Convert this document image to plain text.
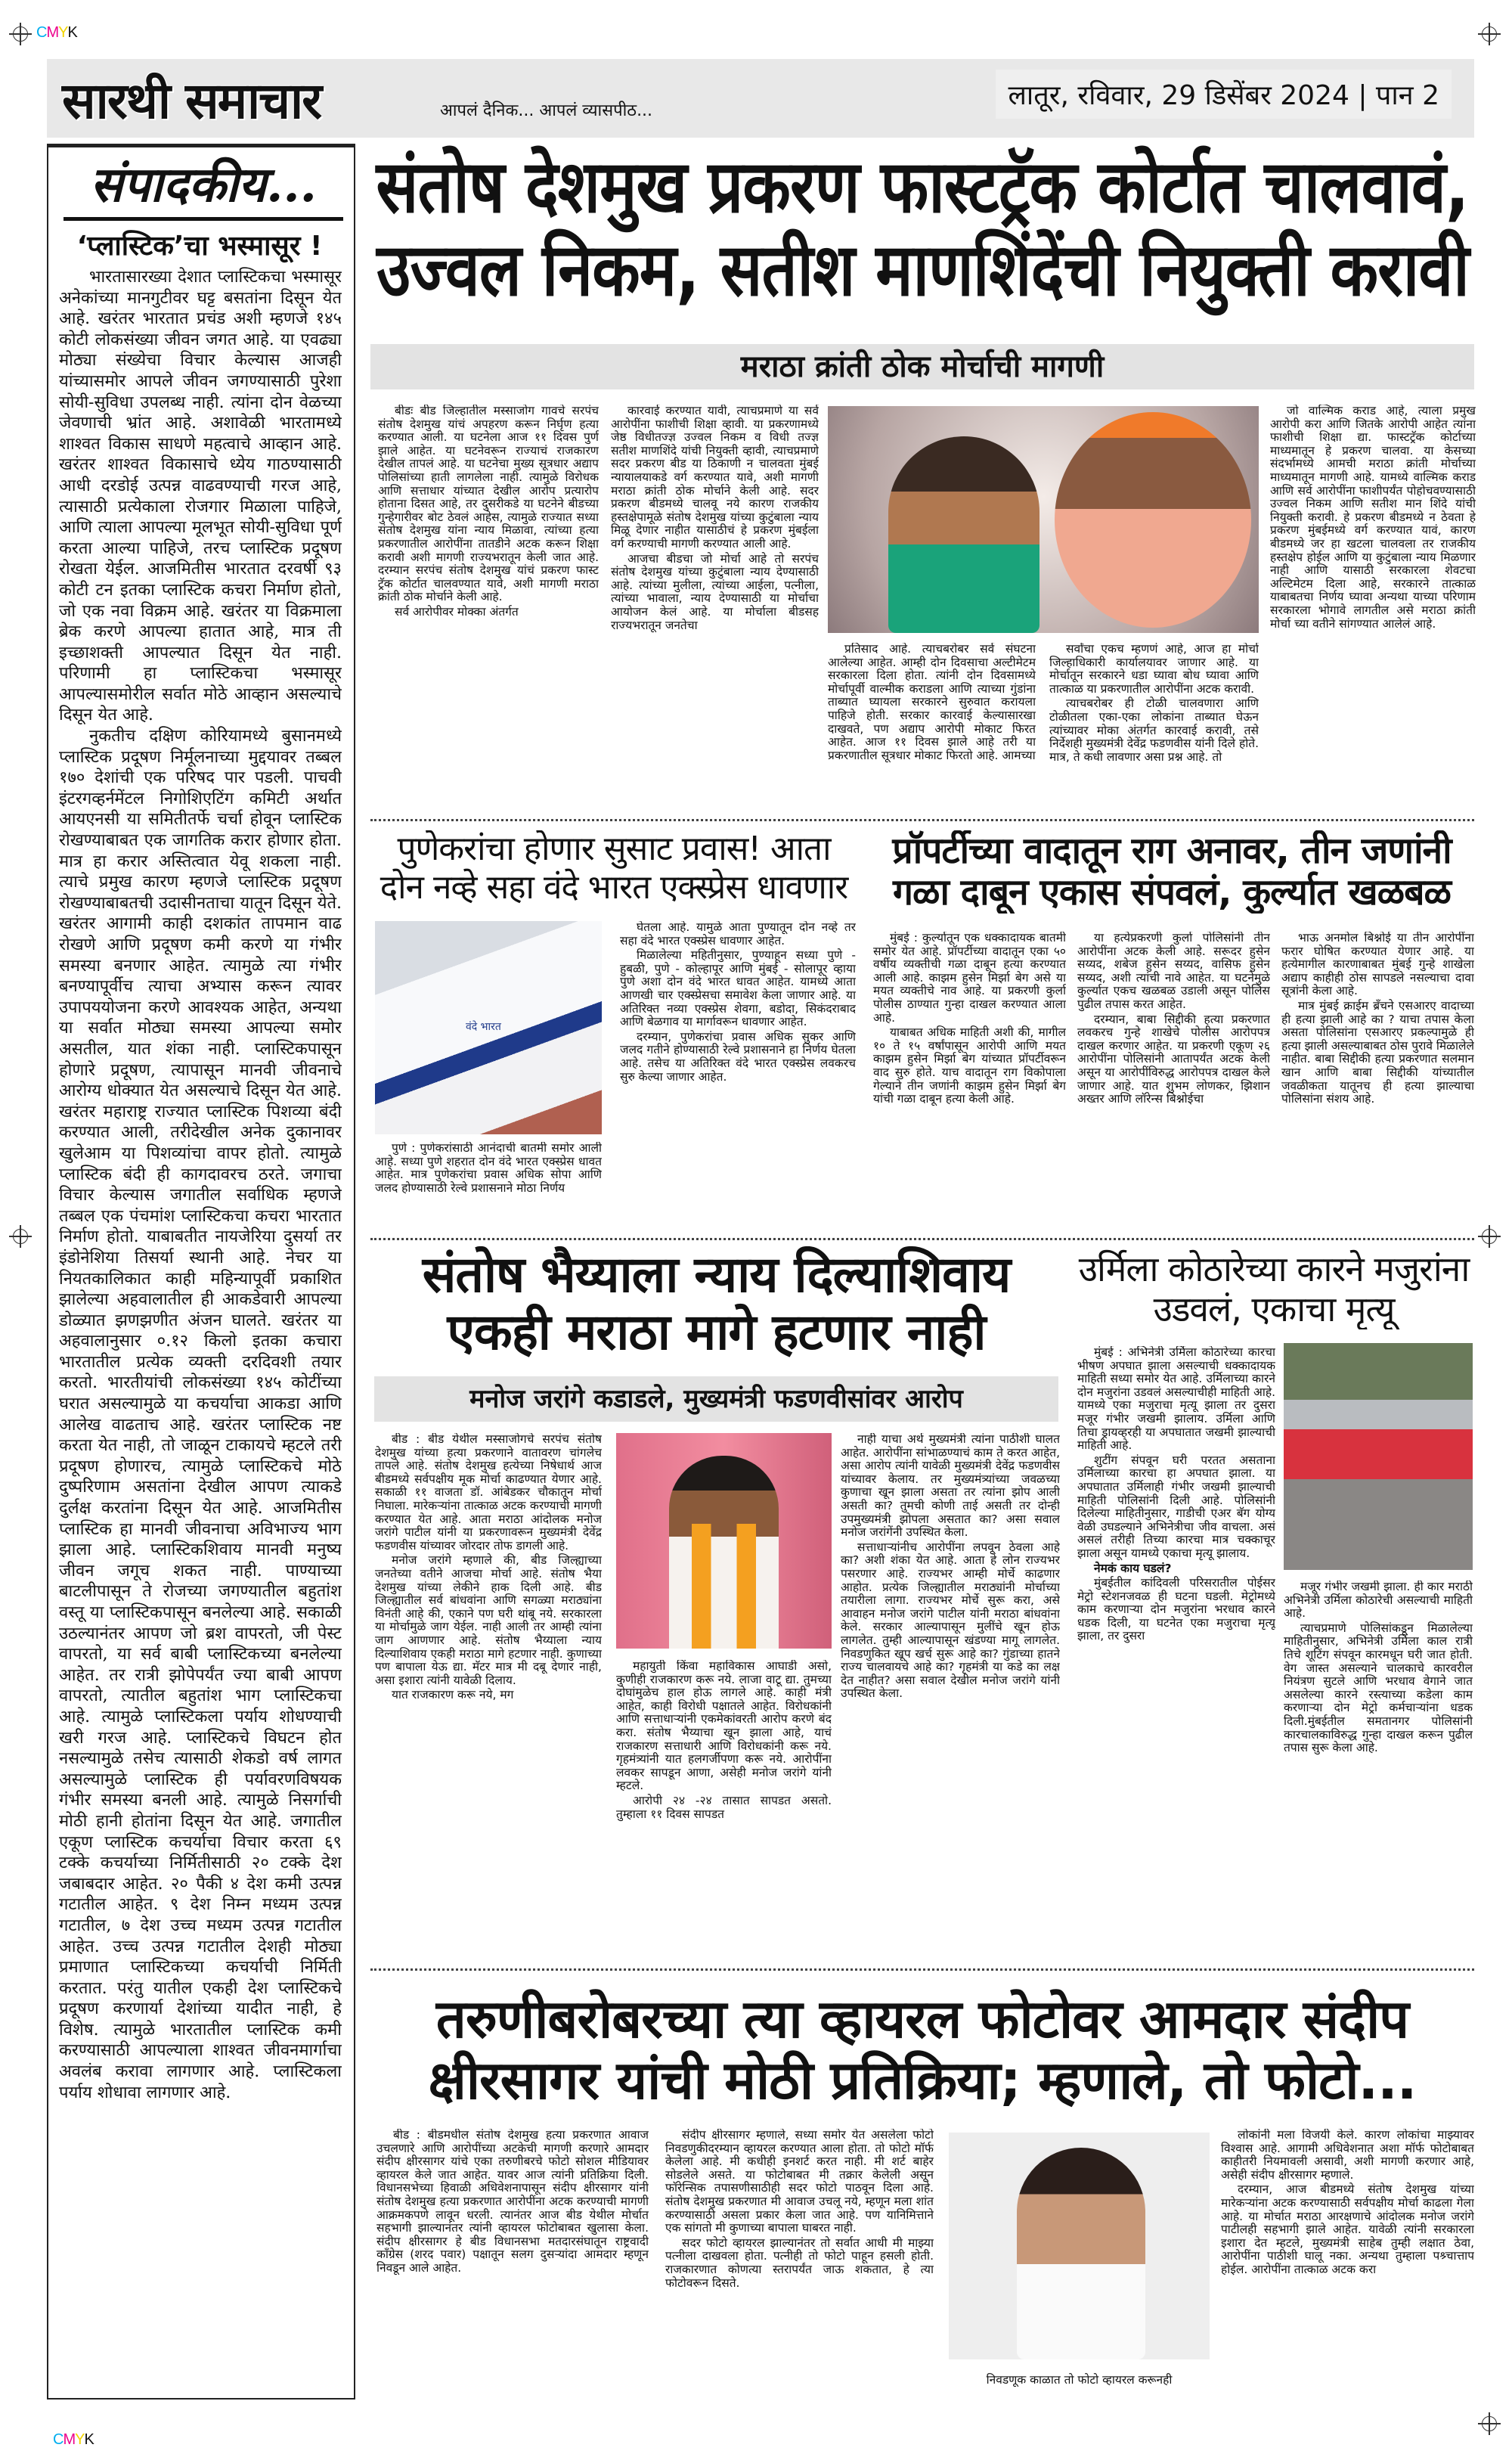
CMYK
CMYK
सारथी समाचार	आपलं दैनिक... आपलं व्यासपीठ...	लातूर, रविवार, 29 डिसेंबर 2024 | पान 2
संपादकीय...
‘प्लास्टिक’चा भस्मासूर !

भारतासारख्या देशात प्लास्टिकचा भस्मासूर अनेकांच्या मानगुटीवर घट्ट बसतांना दिसून येत आहे. खरंतर भारतात प्रचंड अशी म्हणजे १४५ कोटी लोकसंख्या जीवन जगत आहे. या एवढ्या मोठ्या संख्येचा विचार केल्यास आजही यांच्यासमोर आपले जीवन जगण्यासाठी पुरेशा सोयी-सुविधा उपलब्ध नाही. त्यांना दोन वेळच्या जेवणाची भ्रांत आहे. अशावेळी भारतामध्ये शाश्वत विकास साधणे महत्वाचे आव्हान आहे. खरंतर शाश्वत विकासाचे ध्येय गाठण्यासाठी आधी दरडोई उत्पन्न वाढवण्याची गरज आहे, त्यासाठी प्रत्येकाला रोजगार मिळाला पाहिजे, आणि त्याला आपल्या मूलभूत सोयी-सुविधा पूर्ण करता आल्या पाहिजे, तरच प्लास्टिक प्रदूषण रोखता येईल. आजमितीस भारतात दरवर्षी ९३ कोटी टन इतका प्लास्टिक कचरा निर्माण होतो, जो एक नवा विक्रम आहे. खरंतर या विक्रमाला ब्रेक करणे आपल्या हातात आहे, मात्र ती इच्छाशक्ती आपल्यात दिसून येत नाही. परिणामी हा प्लास्टिकचा भस्मासूर आपल्यासमोरील सर्वात मोठे आव्हान असल्याचे दिसून येत आहे.

नुकतीच दक्षिण कोरियामध्ये बुसानमध्ये प्लास्टिक प्रदूषण निर्मूलनाच्या मुद्दयावर तब्बल १७० देशांची एक परिषद पार पडली. पाचवी इंटरगव्हर्नमेंटल निगोशिएटिंग कमिटी अर्थात आयएनसी या समितीतर्फे चर्चा होवून प्लास्टिक रोखण्याबाबत एक जागतिक करार होणार होता. मात्र हा करार अस्तित्वात येवू शकला नाही. त्याचे प्रमुख कारण म्हणजे प्लास्टिक प्रदूषण रोखण्याबाबतची उदासीनताचा यातून दिसून येते. खरंतर आगामी काही दशकांत तापमान वाढ रोखणे आणि प्रदूषण कमी करणे या गंभीर समस्या बनणार आहेत. त्यामुळे त्या गंभीर बनण्यापूर्वीच त्याचा अभ्यास करून त्यावर उपापययोजना करणे आवश्यक आहेत, अन्यथा या सर्वात मोठ्या समस्या आपल्या समोर असतील, यात शंका नाही. प्लास्टिकपासून होणारे प्रदूषण, त्यापासून मानवी जीवनाचे आरोग्य धोक्यात येत असल्याचे दिसून येत आहे. खरंतर महाराष्ट्र राज्यात प्लास्टिक पिशव्या बंदी करण्यात आली, तरीदेखील अनेक दुकानावर खुलेआम या पिशव्यांचा वापर होतो. त्यामुळे प्लास्टिक बंदी ही कागदावरच ठरते. जगाचा विचार केल्यास जगातील सर्वाधिक म्हणजे तब्बल एक पंचमांश प्लास्टिकचा कचरा भारतात निर्माण होतो. याबाबतीत नायजेरिया दुसर्या तर इंडोनेशिया तिसर्या स्थानी आहे. नेचर या नियतकालिकात काही महिन्यापूर्वी प्रकाशित झालेल्या अहवालातील ही आकडेवारी आपल्या डोळ्यात झणझणीत अंजन घालते. खरंतर या अहवालानुसार ०.१२ किलो इतका कचारा भारतातील प्रत्येक व्यक्ती दरदिवशी तयार करतो. भारतीयांची लोकसंख्या १४५ कोटींच्या घरात असल्यामुळे या कचर्याचा आकडा आणि आलेख वाढताच आहे. खरंतर प्लास्टिक नष्ट करता येत नाही, तो जाळून टाकायचे म्हटले तरी प्रदूषण होणारच, त्यामुळे प्लास्टिकचे मोठे दुष्परिणाम असतांना देखील आपण त्याकडे दुर्लक्ष करतांना दिसून येत आहे. आजमितीस प्लास्टिक हा मानवी जीवनाचा अविभाज्य भाग झाला आहे. प्लास्टिकशिवाय मानवी मनुष्य जीवन जगूच शकत नाही. पाण्याच्या बाटलीपासून ते रोजच्या जगण्यातील बहुतांश वस्तू या प्लास्टिकपासून बनलेल्या आहे. सकाळी उठल्यानंतर आपण जो ब्रश वापरतो, जी पेस्ट वापरतो, या सर्व बाबी प्लास्टिकच्या बनलेल्या आहेत. तर रात्री झोपेपर्यंत ज्या बाबी आपण वापरतो, त्यातील बहुतांश भाग प्लास्टिकचा आहे. त्यामुळे प्लास्टिकला पर्याय शोधण्याची खरी गरज आहे. प्लास्टिकचे विघटन होत नसल्यामुळे तसेच त्यासाठी शेकडो वर्ष लागत असल्यामुळे प्लास्टिक ही पर्यावरणविषयक गंभीर समस्या बनली आहे. त्यामुळे निसर्गाची मोठी हानी होतांना दिसून येत आहे. जगातील एकूण प्लास्टिक कचर्याचा विचार करता ६९ टक्के कचर्याच्या निर्मितीसाठी २० टक्के देश जबाबदार आहेत. २० पैकी ४ देश कमी उत्पन्न गटातील आहेत. ९ देश निम्न मध्यम उत्पन्न गटातील, ७ देश उच्च मध्यम उत्पन्न गटातील आहेत. उच्च उत्पन्न गटातील देशही मोठ्या प्रमाणात प्लास्टिकच्या कचर्याची निर्मिती करतात. परंतु यातील एकही देश प्लास्टिकचे प्रदूषण करणार्या देशांच्या यादीत नाही, हे विशेष. त्यामुळे भारतातील प्लास्टिक कमी करण्यासाठी आपल्याला शाश्वत जीवनमार्गाचा अवलंब करावा लागणार आहे. प्लास्टिकला पर्याय शोधावा लागणार आहे.

संतोष देशमुख प्रकरण फास्टट्रॅक कोर्टात चालवावं,
उज्वल निकम, सतीश माणशिंदेंची नियुक्ती करावी
मराठा क्रांती ठोक मोर्चाची मागणी

बीडः बीड जिल्हातील मस्साजोग गावचे सरपंच संतोष देशमुख यांचं अपहरण करून निर्घृण हत्या करण्यात आली. या घटनेला आज ११ दिवस पुर्ण झाले आहेत. या घटनेवरून राज्याचं राजकारण देखील तापलं आहे. या घटनेचा मुख्य सूत्रधार अद्याप पोलिसांच्या हाती लागलेला नाही. त्यामुळे विरोधक आणि सत्ताधार यांच्यात देखील आरोप प्रत्यारोप होताना दिसत आहे, तर दुसरीकडे या घटनेने बीडच्या गुन्हेगारीवर बोट ठेवलं आहेस, त्यामुळे राज्यात सध्या संतोष देशमुख यांना न्याय मिळावा, त्यांच्या हत्या प्रकरणातील आरोपींना तातडीने अटक करून शिक्षा करावी अशी मागणी राज्यभरातून केली जात आहे. दरम्यान सरपंच संतोष देशमुख यांचं प्रकरण फास्ट ट्रॅक कोर्टात चालवण्यात यावे, अशी मागणी मराठा क्रांती ठोक मोर्चाने केली आहे.

सर्व आरोपीवर मोक्का अंतर्गत

कारवाई करण्यात यावी, त्याचप्रमाणे या सर्व आरोपींना फाशीची शिक्षा व्हावी. या प्रकरणामध्ये जेष्ठ विधीतज्ज्ञ उज्वल निकम व विधी तज्ज्ञ सतीश माणशिंदे यांची नियुक्ती व्हावी, त्याचप्रमाणे सदर प्रकरण बीड या ठिकाणी न चालवता मुंबई न्यायालयाकडे वर्ग करण्यात यावे, अशी मागणी मराठा क्रांती ठोक मोर्चाने केली आहे. सदर प्रकरण बीडमध्ये चालवू नये कारण राजकीय हस्तक्षेपामूळे संतोष देशमुख यांच्या कुटुंबाला न्याय मिळू देणार नाहीत यासाठीचं हे प्रकरण मुंबईला वर्ग करण्याची मागणी करण्यात आली आहे.

आजचा बीडचा जो मोर्चा आहे तो सरपंच संतोष देशमुख यांच्या कुटुंबाला न्याय देण्यासाठी आहे. त्यांच्या मुलीला, त्यांच्या आईला, पत्नीला, त्यांच्या भावाला, न्याय देण्यासाठी या मोर्चाचा आयोजन केलं आहे. या मोर्चाला बीडसह राज्यभरातून जनतेचा

प्रतिसाद आहे. त्याचबरोबर सर्व संघटना आलेल्या आहेत. आम्ही दोन दिवसाचा अल्टीमेटम सरकारला दिला होता. त्यांनी दोन दिवसामध्ये मोर्चापूर्वी वाल्मीक कराडला आणि त्याच्या गुंडांना ताब्यात घ्यायला सरकारने सुरुवात करायला पाहिजे होती. सरकार कारवाई केल्यासारखा दाखवते, पण अद्याप आरोपी मोकाट फिरत आहेत. आज ११ दिवस झाले आहे तरी या प्रकरणातील सूत्रधार मोकाट फिरतो आहे. आमच्या

सर्वांचा एकच म्हणणं आहे, आज हा मोर्चा जिल्हाधिकारी कार्यालयावर जाणार आहे. या मोर्चातून सरकारने धडा घ्यावा बोध घ्यावा आणि तात्काळ या प्रकरणातील आरोपींना अटक करावी.

त्याचबरोबर ही टोळी चालवणारा आणि टोळीतला एका-एका लोकांना ताब्यात घेऊन त्यांच्यावर मोका अंतर्गत कारवाई करावी, तसे निर्देशही मुख्यमंत्री देवेंद्र फडणवीस यांनी दिले होते. मात्र, ते कधी लावणार असा प्रश्न आहे. तो

जो वाल्मिक कराड आहे, त्याला प्रमुख आरोपी करा आणि जितके आरोपी आहेत त्यांना फाशीची शिक्षा द्या. फास्टट्रॅक कोर्टाच्या माध्यमातून हे प्रकरण चालवा. या केसच्या संदर्भामध्ये आमची मराठा क्रांती मोर्चाच्या माध्यमातून मागणी आहे. यामध्ये वाल्मिक कराड आणि सर्व आरोपींना फाशीपर्यंत पोहोचवण्यासाठी उज्वल निकम आणि सतीश मान शिंदे यांची नियुक्ती करावी. हे प्रकरण बीडमध्ये न ठेवता हे प्रकरण मुंबईमध्ये वर्ग करण्यात यावं, कारण बीडमध्ये जर हा खटला चालवला तर राजकीय हस्तक्षेप होईल आणि या कुटुंबाला न्याय मिळणार नाही आणि यासाठी सरकारला शेवटचा अल्टिमेटम दिला आहे, सरकारने तात्काळ याबाबतचा निर्णय घ्यावा अन्यथा याच्या परिणाम सरकारला भोगावे लागतील असे मराठा क्रांती मोर्चा च्या वतीने सांगण्यात आलेलं आहे.

पुणेकरांचा होणार सुसाट प्रवास! आता दोन नव्हे सहा वंदे भारत एक्स्प्रेस धावणार
वंदे भारत

पुणे : पुणेकरांसाठी आनंदाची बातमी समोर आली आहे. सध्या पुणे शहरात दोन वंदे भारत एक्स्प्रेस धावत आहेत. मात्र पुणेकरांचा प्रवास अधिक सोपा आणि जलद होण्यासाठी रेल्वे प्रशासनाने मोठा निर्णय

घेतला आहे. यामुळे आता पुण्यातून दोन नव्हे तर सहा वंदे भारत एक्स्प्रेस धावणार आहेत.

मिळालेल्या महितीनुसार, पुण्याहून सध्या पुणे - हुबळी, पुणे - कोल्हापूर आणि मुंबई - सोलापूर व्हाया पुणे अशा दोन वंदे भारत धावत आहेत. यामध्ये आता आणखी चार एक्स्प्रेसचा समावेश केला जाणार आहे. या अतिरिक्त नव्या एक्स्प्रेस शेवगा, बडोदा, सिकंदराबाद आणि बेळगाव या मार्गावरून धावणार आहेत.

दरम्यान, पुणेकरांचा प्रवास अधिक सुकर आणि जलद गतीने होण्यासाठी रेल्वे प्रशासनाने हा निर्णय घेतला आहे. तसेच या अतिरिक्त वंदे भारत एक्स्प्रेस लवकरच सुरु केल्या जाणार आहेत.

प्रॉपर्टीच्या वादातून राग अनावर, तीन जणांनी गळा दाबून एकास संपवलं, कुर्ल्यात खळबळ

मुंबई : कुर्ल्यातून एक धक्कादायक बातमी समोर येत आहे. प्रॉपर्टीच्या वादातून एका ५० वर्षीय व्यक्तीची गळा दाबून हत्या करण्यात आली आहे. काझम हुसेन मिर्झा बेग असे या मयत व्यक्तीचे नाव आहे. या प्रकरणी कुर्ला पोलीस ठाण्यात गुन्हा दाखल करण्यात आला आहे.

याबाबत अधिक माहिती अशी की, मागील १० ते १५ वर्षांपासून आरोपी आणि मयत काझम हुसेन मिर्झा बेग यांच्यात प्रॉपर्टीवरून वाद सुरु होते. याच वादातून राग विकोपाला गेल्याने तीन जणांनी काझम हुसेन मिर्झा बेग यांची गळा दाबून हत्या केली आहे.

या हत्येप्रकरणी कुर्ला पोलिसांनी तीन आरोपींना अटक केली आहे. सरूदर हुसेन सय्यद, शबेज हुसेन सय्यद, वासिफ हुसेन सय्यद, अशी त्यांची नावे आहेत. या घटनेमुळे कुर्ल्यात एकच खळबळ उडाली असून पोलिस पुढील तपास करत आहेत.

दरम्यान, बाबा सिद्दीकी हत्या प्रकरणात लवकरच गुन्हे शाखेचे पोलीस आरोपपत्र दाखल करणार आहेत. या प्रकरणी एकूण २६ आरोपींना पोलिसांनी आतापर्यंत अटक केली असून या आरोपींविरुद्ध आरोपपत्र दाखल केले जाणार आहे. यात शुभम लोणकर, झिशान अख्तर आणि लॉरेन्स बिश्नोईचा

भाऊ अनमोल बिश्नोई या तीन आरोपींना फरार घोषित करण्यात येणार आहे. या हत्येमागील कारणाबाबत मुंबई गुन्हे शाखेला अद्याप काहीही ठोस सापडले नसल्याचा दावा सूत्रांनी केला आहे.

मात्र मुंबई क्राईम ब्रँचने एसआरए वादाच्या ही हत्या झाली आहे का ? याचा तपास केला असता पोलिसांना एसआरए प्रकल्पामुळे ही हत्या झाली असल्याबाबत ठोस पुरावे मिळालेले नाहीत. बाबा सिद्दीकी हत्या प्रकरणात सलमान खान आणि बाबा सिद्दीकी यांच्यातील जवळीकता यातूनच ही हत्या झाल्याचा पोलिसांना संशय आहे.

संतोष भैय्याला न्याय दिल्याशिवाय
एकही मराठा मागे हटणार नाही
मनोज जरांगे कडाडले, मुख्यमंत्री फडणवीसांवर आरोप

बीड : बीड येथील मस्साजोगचे सरपंच संतोष देशमुख यांच्या हत्या प्रकरणाने वातावरण चांगलेच तापले आहे. संतोष देशमुख हत्येच्या निषेधार्थ आज बीडमध्ये सर्वपक्षीय मूक मोर्चा काढण्यात येणार आहे. सकाळी ११ वाजता डॉ. आंबेडकर चौकातून मोर्चा निघाला. मारेकऱ्यांना तात्काळ अटक करण्याची मागणी करण्यात येत आहे. आता मराठा आंदोलक मनोज जरांगे पाटील यांनी या प्रकरणावरून मुख्यमंत्री देवेंद्र फडणवीस यांच्यावर जोरदार तोफ डागली आहे.

मनोज जरांगे म्हणाले की, बीड जिल्ह्याच्या जनतेच्या वतीने आजचा मोर्चा आहे. संतोष भैया देशमुख यांच्या लेकीने हाक दिली आहे. बीड जिल्ह्यातील सर्व बांधवांना आणि सगळ्या मराठ्यांना विनंती आहे की, एकाने पण घरी थांबू नये. सरकारला या मोर्चामुळे जाग येईल. नाही आली तर आम्ही त्यांना जाग आणणार आहे. संतोष भैय्याला न्याय दिल्याशिवाय एकही मराठा मागे हटणार नाही. कुणाच्या पण बापाला येऊ द्या. मॅटर मात्र मी दबू देणार नाही, असा इशारा त्यांनी यावेळी दिलाय.

यात राजकारण करू नये, मग

महायुती किंवा महाविकास आघाडी असो, कुणीही राजकारण करू नये. लाजा वाटू द्या. तुमच्या दोघांमुळेच हाल होऊ लागले आहे. काही मंत्री आहेत, काही विरोधी पक्षातले आहेत. विरोधकांनी आणि सत्ताधाऱ्यांनी एकमेकांवरती आरोप करणे बंद करा. संतोष भैय्याचा खून झाला आहे, याचं राजकारण सत्ताधारी आणि विरोधकांनी करू नये. गृहमंत्र्यांनी यात हलगर्जीपणा करू नये. आरोपींना लवकर सापडून आणा, असेही मनोज जरांगे यांनी म्हटले.

आरोपी २४ -२४ तासात सापडत असतो. तुम्हाला ११ दिवस सापडत

नाही याचा अर्थ मुख्यमंत्री त्यांना पाठीशी घालत आहेत. आरोपींना सांभाळण्याचं काम ते करत आहेत, असा आरोप त्यांनी यावेळी मुख्यमंत्री देवेंद्र फडणवीस यांच्यावर केलाय. तर मुख्यमंत्र्यांच्या जवळच्या कुणाचा खून झाला असता तर त्यांना झोप आली असती का? तुमची कोणी ताई असती तर दोन्ही उपमुख्यमंत्री झोपला असतात का? असा सवाल मनोज जरांगेंनी उपस्थित केला.

सत्ताधाऱ्यांनीच आरोपींना लपवून ठेवला आहे का? अशी शंका येत आहे. आता हे लोन राज्यभर पसरणार आहे. राज्यभर आम्ही मोर्चे काढणार आहोत. प्रत्येक जिल्ह्यातील मराठ्यांनी मोर्चाच्या तयारीला लागा. राज्यभर मोर्चे सुरू करा, असे आवाहन मनोज जरांगे पाटील यांनी मराठा बांधवांना केले. सरकार आल्यापासून मुलींचे खून होऊ लागलेत. तुम्ही आल्यापासून खंडण्या मागू लागलेत. निवडणुकित खूप खर्च सुरू आहे का? गुंडाच्या हातने राज्य चालवायचे आहे का? गृहमंत्री या कडे का लक्ष देत नाहीत? असा सवाल देखील मनोज जरांगे यांनी उपस्थित केला.

उर्मिला कोठारेच्या कारने मजुरांना उडवलं, एकाचा मृत्यू

मुंबई : अभिनेत्री उर्मिला कोठारेच्या कारचा भीषण अपघात झाला असल्याची धक्कादायक माहिती सध्या समोर येत आहे. उर्मिलाच्या कारने दोन मजुरांना उडवलं असल्याचीही माहिती आहे. यामध्ये एका मजुराचा मृत्यू झाला तर दुसरा मजूर गंभीर जखमी झालाय. उर्मिला आणि तिचा ड्रायव्हरही या अपघातात जखमी झाल्याची माहिती आहे.

शुटींग संपवून घरी परतत असताना उर्मिलाच्या कारचा हा अपघात झाला. या अपघातात उर्मिलाही गंभीर जखमी झाल्याची माहिती पोलिसांनी दिली आहे. पोलिसांनी दिलेल्या माहितीनुसार, गाडीची एअर बॅग योग्य वेळी उघडल्याने अभिनेत्रीचा जीव वाचला. असं असलं तरीही तिच्या कारचा मात्र चक्काचूर झाला असून यामध्ये एकाचा मृत्यू झालाय.

नेमकं काय घडलं?

मुंबईतील कांदिवली परिसरातील पोईसर मेट्रो स्टेशनजवळ ही घटना घडली. मेट्रोमध्ये काम करणाऱ्या दोन मजुरांना भरधाव कारने धडक दिली, या घटनेत एका मजुराचा मृत्यू झाला, तर दुसरा

मजूर गंभीर जखमी झाला. ही कार मराठी अभिनेत्री उर्मिला कोठारेची असल्याची माहिती आहे.

त्याचप्रमाणे पोलिसांकडून मिळालेल्या माहितीनुसार, अभिनेत्री उर्मिला काल रात्री तिचे शूटिंग संपवून कारमधून घरी जात होती. वेग जास्त असल्याने चालकाचे कारवरील नियंत्रण सुटले आणि भरधाव वेगाने जात असलेल्या कारने रस्त्याच्या कडेला काम करणाऱ्या दोन मेट्रो कर्मचाऱ्यांना धडक दिली.मुंबईतील समतानगर पोलिसांनी कारचालकाविरुद्ध गुन्हा दाखल करून पुढील तपास सुरू केला आहे.

तरुणीबरोबरच्या त्या व्हायरल फोटोवर आमदार संदीप
क्षीरसागर यांची मोठी प्रतिक्रिया; म्हणाले, तो फोटो...

बीड : बीडमधील संतोष देशमुख हत्या प्रकरणात आवाज उचलणारे आणि आरोपींच्या अटकेची मागणी करणारे आमदार संदीप क्षीरसागर यांचे एका तरुणीबरचे फोटो सोशल मीडियावर व्हायरल केले जात आहेत. यावर आज त्यांनी प्रतिक्रिया दिली. विधानसभेच्या हिवाळी अधिवेशनापासून संदीप क्षीरसागर यांनी संतोष देशमुख हत्या प्रकरणात आरोपींना अटक करण्याची मागणी आक्रमकपणे लावून धरली. त्यानंतर आज बीड येथील मोर्चात सहभागी झाल्यानंतर त्यांनी व्हायरल फोटोबाबत खुलासा केला. संदीप क्षीरसागर हे बीड विधानसभा मतदारसंघातून राष्ट्रवादी काँग्रेस (शरद पवार) पक्षातून सलग दुसऱ्यांदा आमदार म्हणून निवडून आले आहेत.

संदीप क्षीरसागर म्हणाले, सध्या समोर येत असलेला फोटो निवडणुकीदरम्यान व्हायरल करण्यात आला होता. तो फोटो मॉर्फ केलेला आहे. मी कधीही इनशर्ट करत नाही. मी शर्ट बाहेर सोडलेले असते. या फोटोबाबत मी तक्रार केलेली असून फॉरेन्सिक तपासणीसाठीही सदर फोटो पाठवून दिला आहे. संतोष देशमुख प्रकरणात मी आवाज उचलू नये, म्हणून मला शांत करण्यासाठी असला प्रकार केला जात आहे. पण यानिमित्ताने एक सांगतो मी कुणाच्या बापाला घाबरत नाही.

सदर फोटो व्हायरल झाल्यानंतर तो सर्वात आधी मी माझ्या पत्नीला दाखवला होता. पत्नीही तो फोटो पाहून हसली होती. राजकारणात कोणत्या स्तरापर्यंत जाऊ शकतात, हे त्या फोटोवरून दिसते.

निवडणूक काळात तो फोटो व्हायरल करूनही

लोकांनी मला विजयी केले. कारण लोकांचा माझ्यावर विश्वास आहे. आगामी अधिवेशनात अशा मॉर्फ फोटोबाबत काहीतरी नियमावली असावी, अशी मागणी करणार आहे, असेही संदीप क्षीरसागर म्हणाले.

दरम्यान, आज बीडमध्ये संतोष देशमुख यांच्या मारेकऱ्यांना अटक करण्यासाठी सर्वपक्षीय मोर्चा काढला गेला आहे. या मोर्चात मराठा आरक्षणाचे आंदोलक मनोज जरांगे पाटीलही सहभागी झाले आहेत. यावेळी त्यांनी सरकारला इशारा देत म्हटले, मुख्यमंत्री साहेब तुम्ही लक्षात ठेवा, आरोपींना पाठीशी घालू नका. अन्यथा तुम्हाला पश्र्चात्ताप होईल. आरोपींना तात्काळ अटक करा
